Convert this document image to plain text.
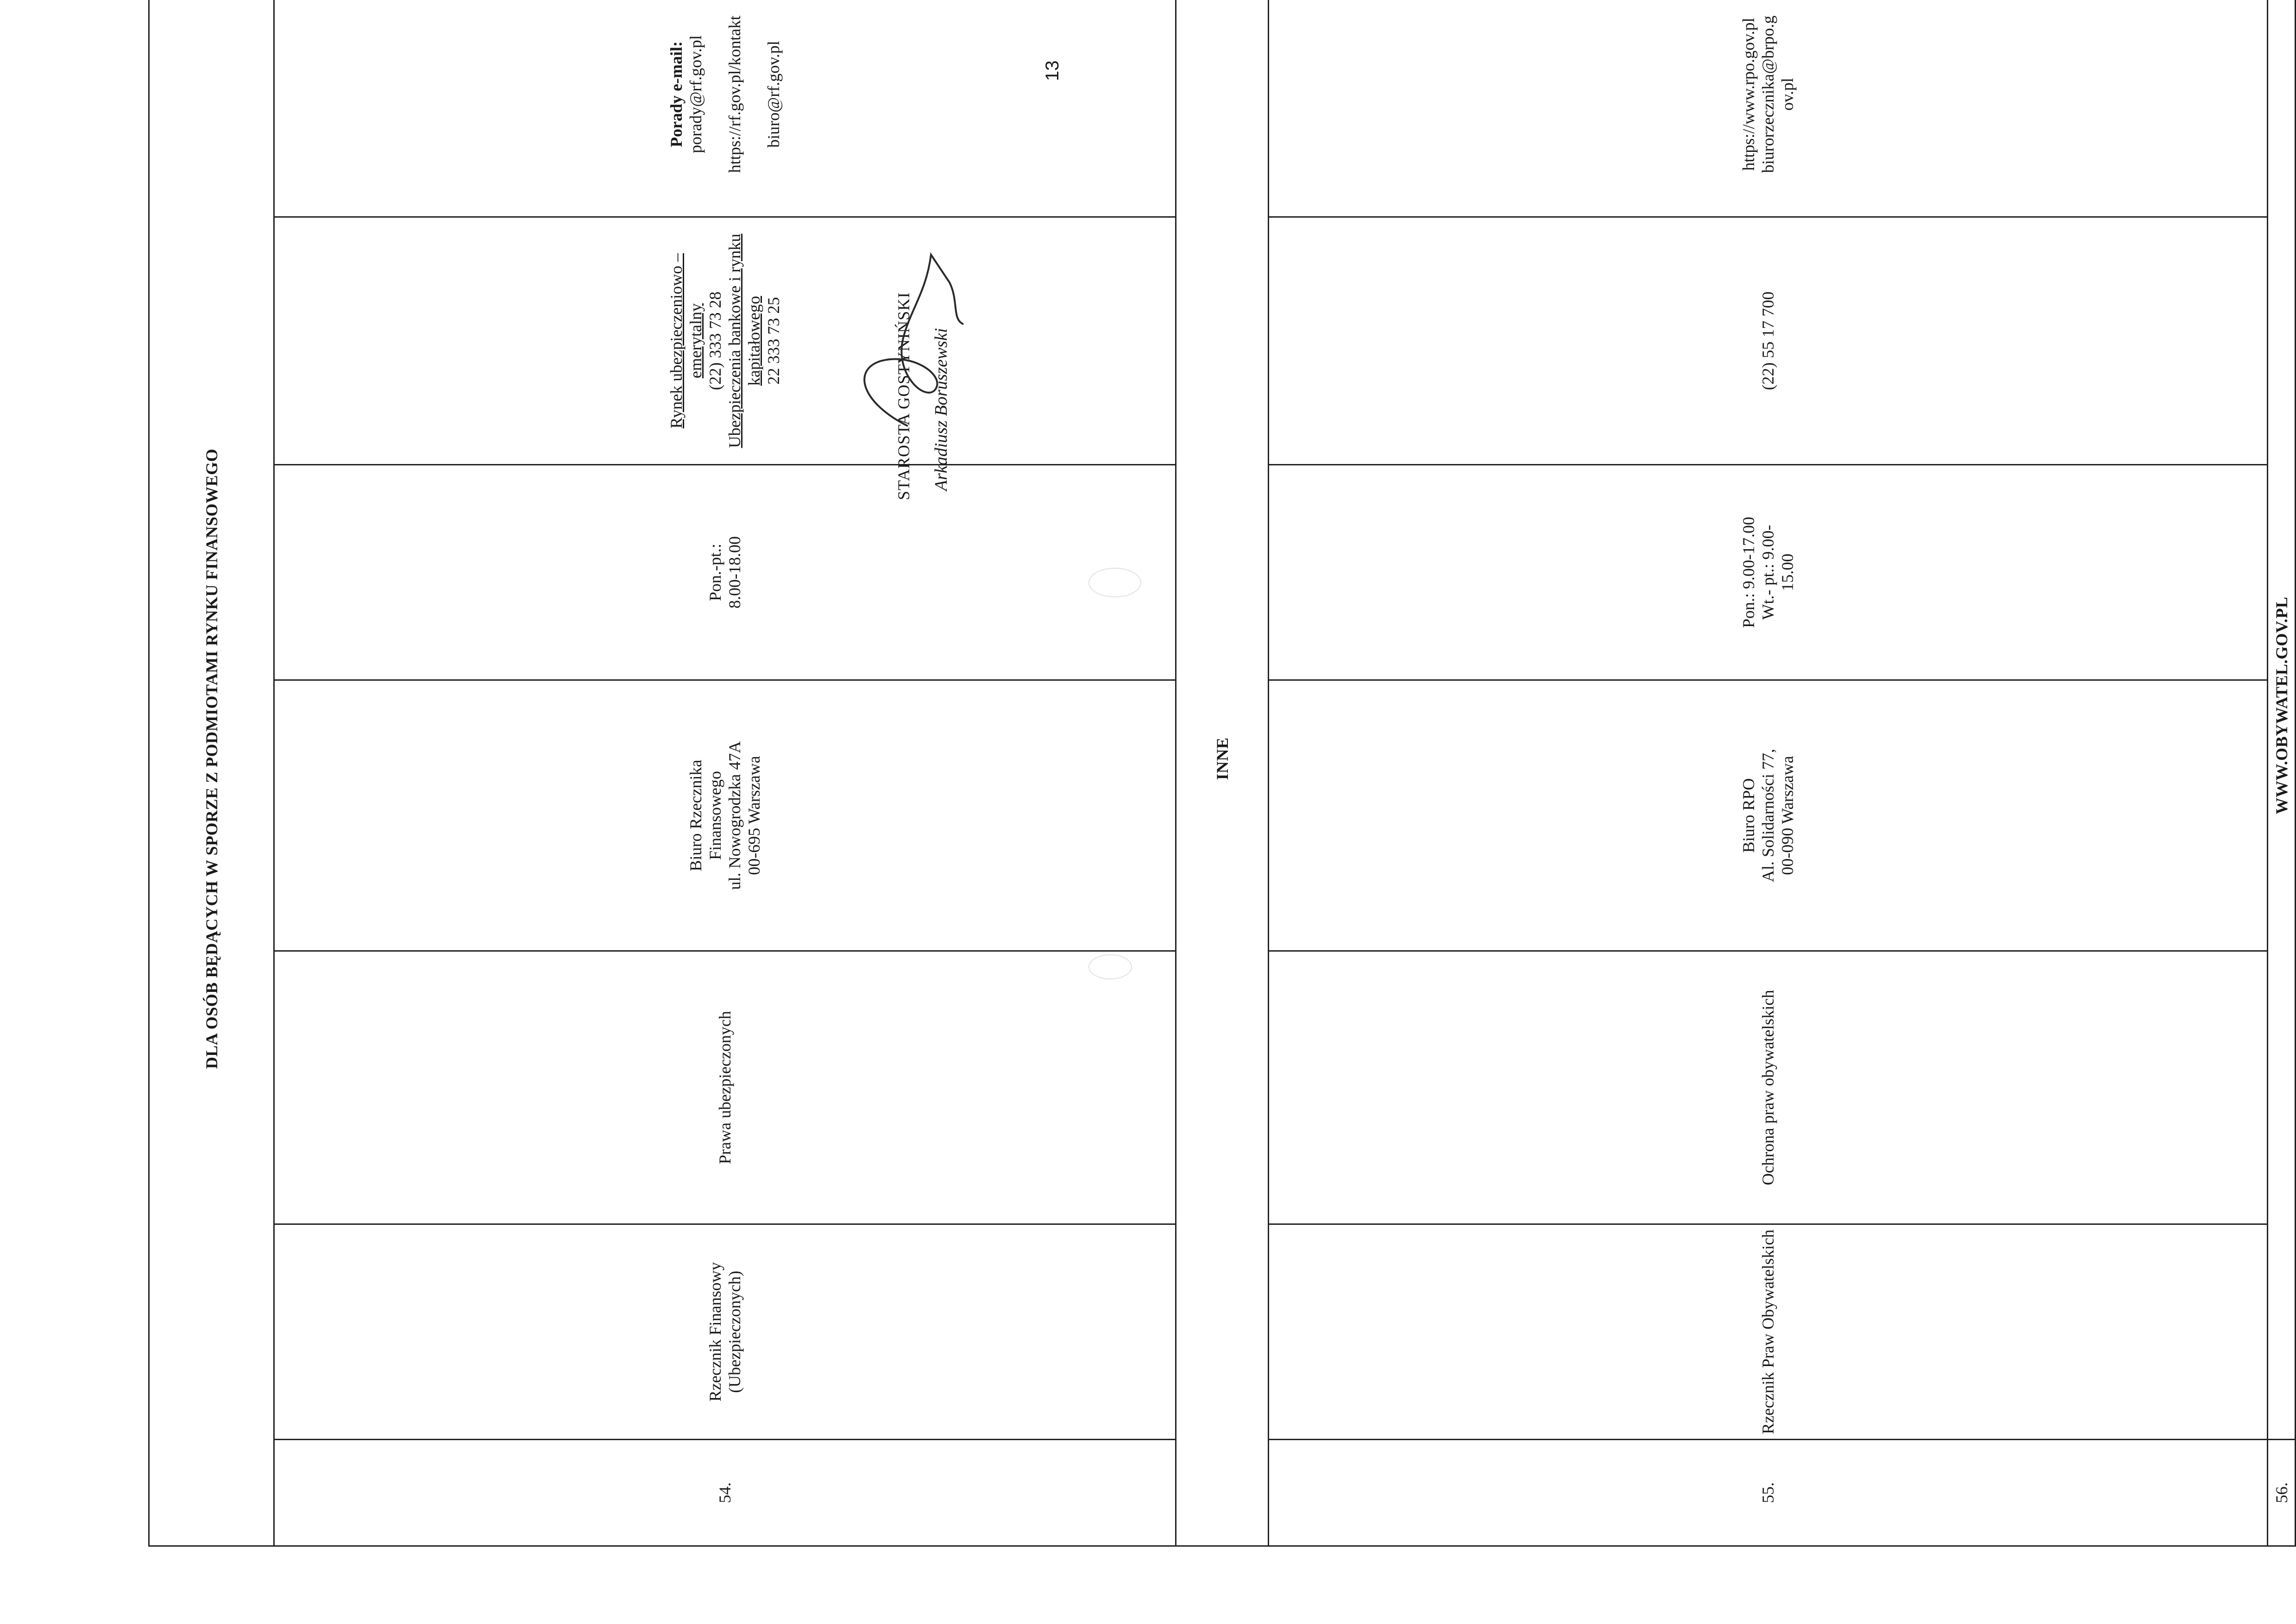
DLA OSÓB BĘDĄCYCH W SPORZE Z PODMIOTAMI RYNKU FINANSOWEGO							
54.	Rzecznik Finansowy (Ubezpieczonych)	Prawa ubezpieczonych	Biuro Rzecznika Finansowego ul. Nowogrodzka 47A 00-695 Warszawa	Pon.-pt.: 8.00-18.00	Rynek ubezpieczeniowo – emerytalny (22) 333 73 28 Ubezpieczenia bankowe i rynku kapitałowego 22 333 73 25	Porady e-mail: porady@rf.gov.pl https://rf.gov.pl/kontakt biuro@rf.gov.pl

INNE							
55.	Rzecznik Praw Obywatelskich	Ochrona praw obywatelskich	Biuro RPO Al. Solidarności 77, 00-090 Warszawa	Pon.: 9.00-17.00 Wt.- pt.: 9.00- 15.00	(22) 55 17 700	https://www.rpo.gov.pl biurorzecznika@brpo.g ov.pl

56.	WWW.OBYWATEL.GOV.PL						
STAROSTA GOSTYNIŃSKI Arkadiusz Boruszewski
13
